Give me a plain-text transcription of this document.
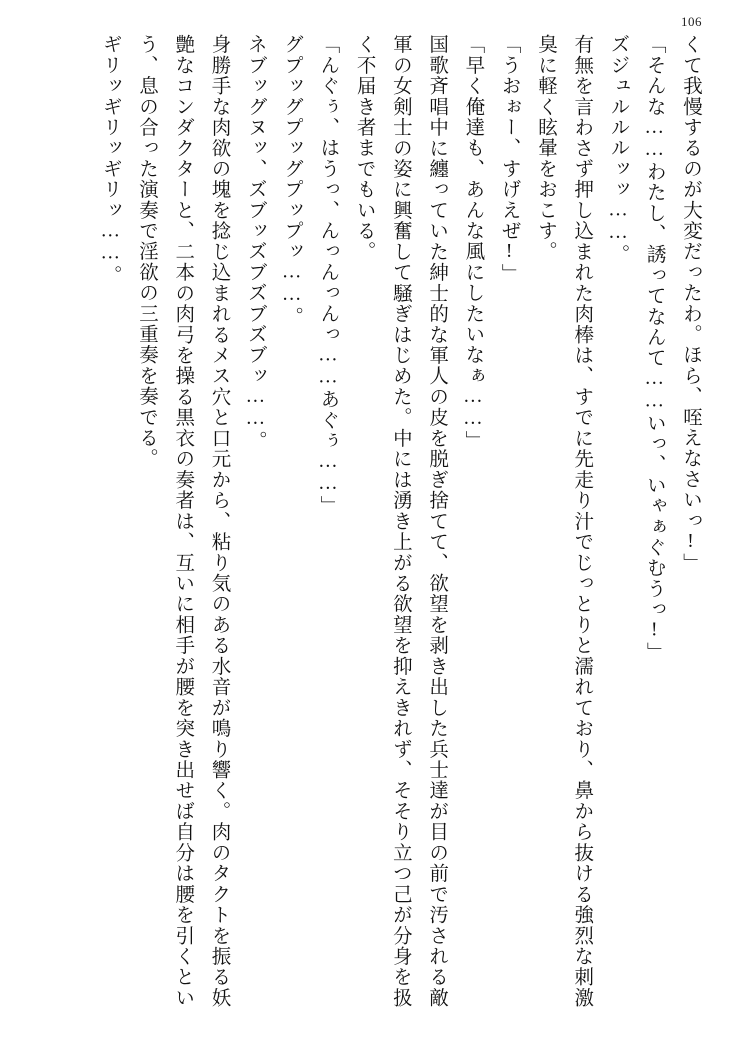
106

くて我慢するのが大変だったわ。ほら、咥えなさいっ!」

「そんな……わたし、誘ってなんて……いっ、いゃぁぐむうっ!」

ズジュルルルッッ……。

有無を言わさず押し込まれた肉棒は、すでに先走り汁でじっとりと濡れており、鼻から抜ける強烈な刺激臭に軽く眩暈をおこす。

「うおぉー、すげえぜ!」

「早く俺達も、あんな風にしたいなぁ……」

国歌斉唱中に纏っていた紳士的な軍人の皮を脱ぎ捨てて、欲望を剥き出した兵士達が目の前で汚される敵軍の女剣士の姿に興奮して騒ぎはじめた。中には湧き上がる欲望を抑えきれず、そそり立つ己が分身を扱く不届き者までもいる。

「んぐぅ、はうっ、んっんっんっ……あぐぅ……」

グプッグプッグプップッ……。

ネブッグヌッ、ズブッズブズブズブッ……。

身勝手な肉欲の塊を捻じ込まれるメス穴と口元から、粘り気のある水音が鳴り響く。肉のタクトを振る妖艶なコンダクターと、二本の肉弓を操る黒衣の奏者は、互いに相手が腰を突き出せば自分は腰を引くという、息の合った演奏で淫欲の三重奏を奏でる。

ギリッギリッギリッ……。
